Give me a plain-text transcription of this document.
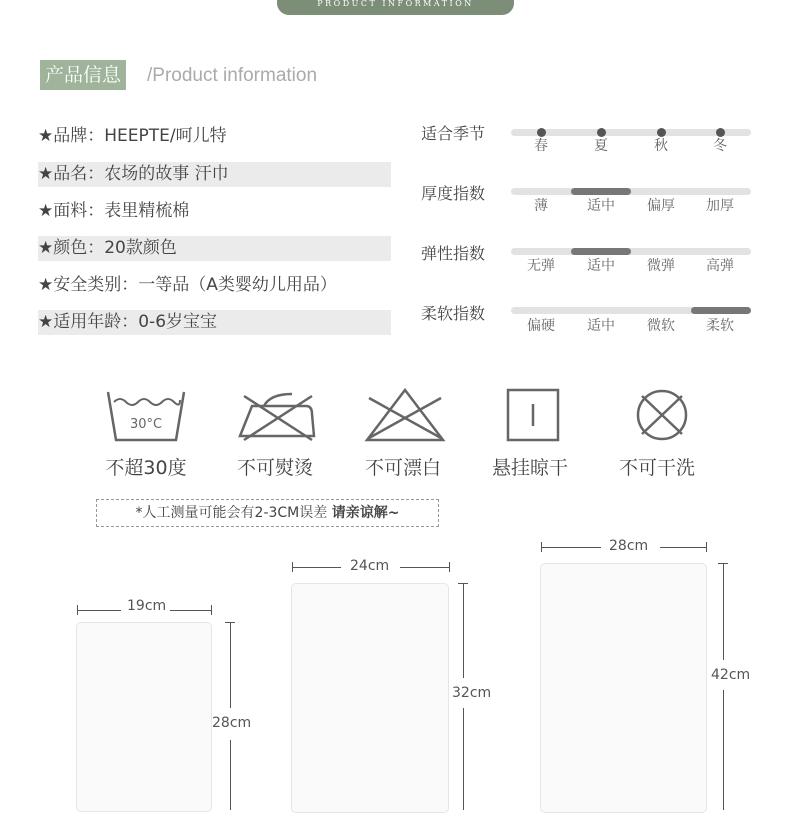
PRODUCT INFORMATION
产品信息 /Product information
★品牌：HEEPTE/呵儿特
★品名：农场的故事 汗巾
★面料：表里精梳棉
★颜色：20款颜色
★安全类别：一等品（A类婴幼儿用品）
★适用年龄：0-6岁宝宝
适合季节
春	夏	秋	冬
厚度指数
薄	适中	偏厚	加厚
弹性指数
无弹	适中	微弹	高弹
柔软指数
偏硬	适中	微软	柔软
30°C
不超30度	不可熨烫	不可漂白	悬挂晾干	不可干洗
*人工测量可能会有2-3CM误差 请亲谅解~
19cm
28cm
24cm
32cm
28cm
42cm
